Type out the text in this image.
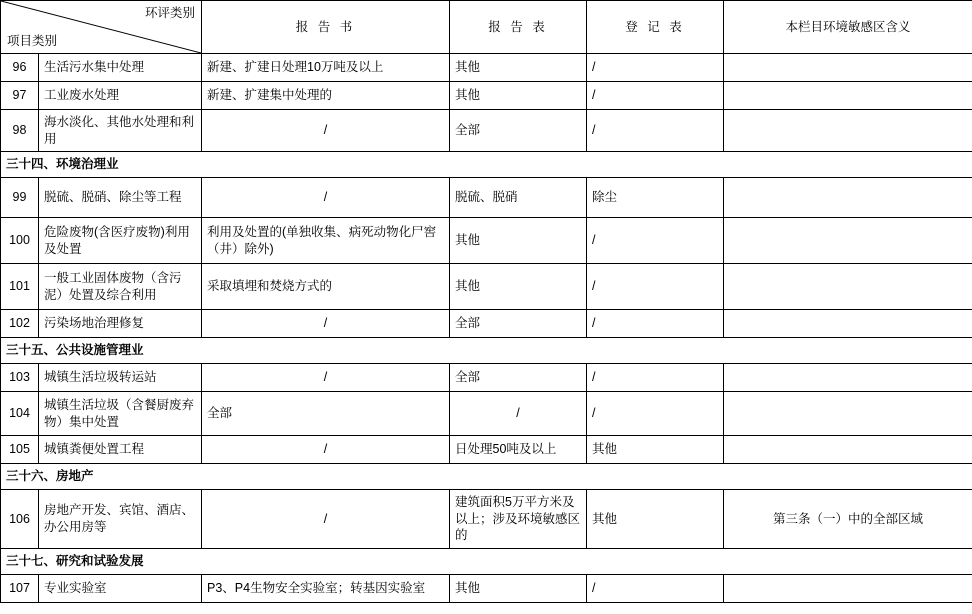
环评类别
项目类别		报 告 书	报 告 表	登 记 表	本栏目环境敏感区含义
96	生活污水集中处理	新建、扩建日处理10万吨及以上	其他	/	
97	工业废水处理	新建、扩建集中处理的	其他	/	
98	海水淡化、其他水处理和利用	/	全部	/	
三十四、环境治理业					
99	脱硫、脱硝、除尘等工程	/	脱硫、脱硝	除尘	
100	危险废物(含医疗废物)利用及处置	利用及处置的(单独收集、病死动物化尸窖（井）除外)	其他	/	
101	一般工业固体废物（含污泥）处置及综合利用	采取填埋和焚烧方式的	其他	/	
102	污染场地治理修复	/	全部	/	
三十五、公共设施管理业					
103	城镇生活垃圾转运站	/	全部	/	
104	城镇生活垃圾（含餐厨废弃物）集中处置	全部	/	/	
105	城镇粪便处置工程	/	日处理50吨及以上	其他	
三十六、房地产					
106	房地产开发、宾馆、酒店、办公用房等	/	建筑面积5万平方米及以上；涉及环境敏感区的	其他	第三条（一）中的全部区域
三十七、研究和试验发展					
107	专业实验室	P3、P4生物安全实验室；转基因实验室	其他	/	
